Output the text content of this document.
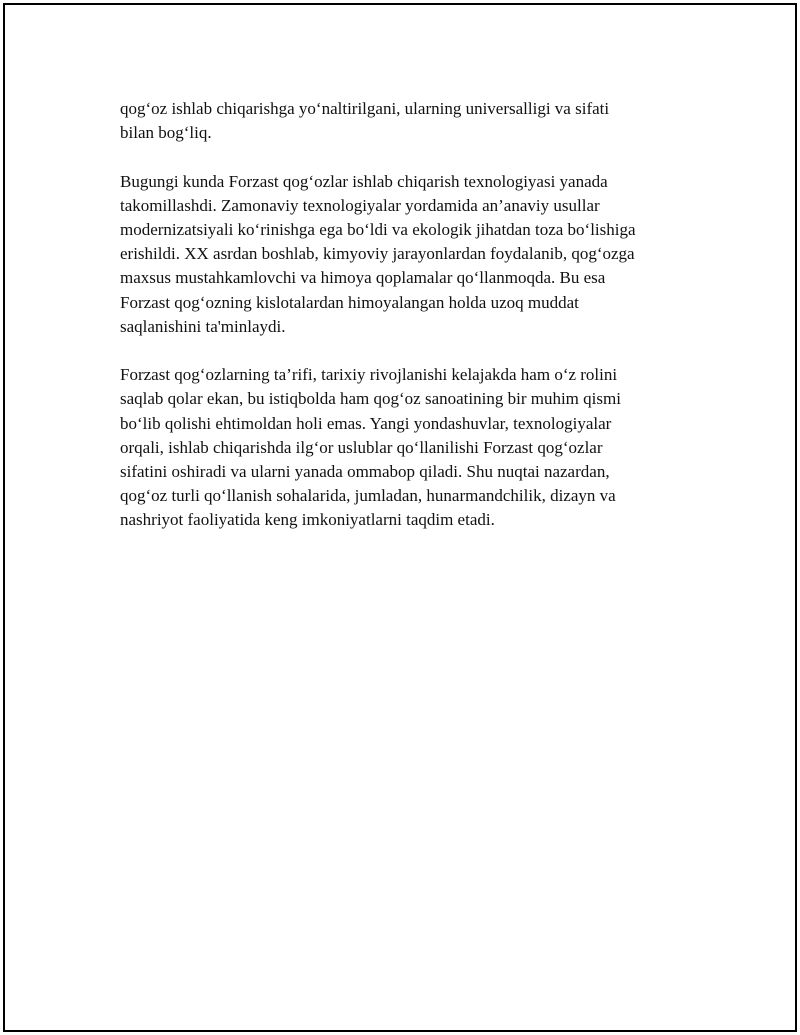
qog‘oz ishlab chiqarishga yo‘naltirilgani, ularning universalligi va sifati
bilan bog‘liq.

Bugungi kunda Forzast qog‘ozlar ishlab chiqarish texnologiyasi yanada
takomillashdi. Zamonaviy texnologiyalar yordamida an’anaviy usullar
modernizatsiyali ko‘rinishga ega bo‘ldi va ekologik jihatdan toza bo‘lishiga
erishildi. XX asrdan boshlab, kimyoviy jarayonlardan foydalanib, qog‘ozga
maxsus mustahkamlovchi va himoya qoplamalar qo‘llanmoqda. Bu esa
Forzast qog‘ozning kislotalardan himoyalangan holda uzoq muddat
saqlanishini ta'minlaydi.

Forzast qog‘ozlarning ta’rifi, tarixiy rivojlanishi kelajakda ham o‘z rolini
saqlab qolar ekan, bu istiqbolda ham qog‘oz sanoatining bir muhim qismi
bo‘lib qolishi ehtimoldan holi emas. Yangi yondashuvlar, texnologiyalar
orqali, ishlab chiqarishda ilg‘or uslublar qo‘llanilishi Forzast qog‘ozlar
sifatini oshiradi va ularni yanada ommabop qiladi. Shu nuqtai nazardan,
qog‘oz turli qo‘llanish sohalarida, jumladan, hunarmandchilik, dizayn va
nashriyot faoliyatida keng imkoniyatlarni taqdim etadi.
